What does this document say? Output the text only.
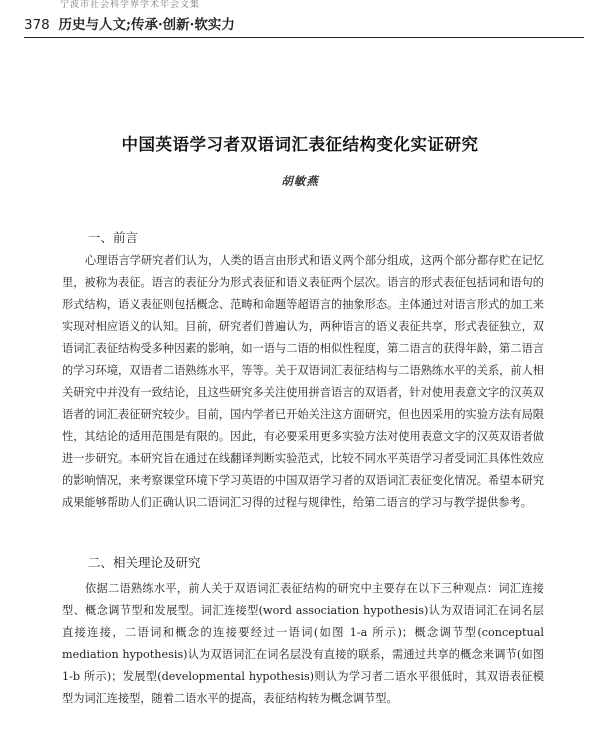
宁波市社会科学界学术年会文集
378 历史与人文;传承·创新·软实力
中国英语学习者双语词汇表征结构变化实证研究
胡敏燕
一、前言
心理语言学研究者们认为，人类的语言由形式和语义两个部分组成，这两个部分都存贮在记忆里，被称为表征。语言的表征分为形式表征和语义表征两个层次。语言的形式表征包括词和语句的形式结构，语义表征则包括概念、范畴和命题等超语言的抽象形态。主体通过对语言形式的加工来实现对相应语义的认知。目前，研究者们普遍认为，两种语言的语义表征共享，形式表征独立，双语词汇表征结构受多种因素的影响，如一语与二语的相似性程度，第二语言的获得年龄，第二语言的学习环境，双语者二语熟练水平，等等。关于双语词汇表征结构与二语熟练水平的关系，前人相关研究中并没有一致结论，且这些研究多关注使用拼音语言的双语者，针对使用表意文字的汉英双语者的词汇表征研究较少。目前，国内学者已开始关注这方面研究，但也因采用的实验方法有局限性，其结论的适用范围是有限的。因此，有必要采用更多实验方法对使用表意文字的汉英双语者做进一步研究。本研究旨在通过在线翻译判断实验范式，比较不同水平英语学习者受词汇具体性效应的影响情况，来考察课堂环境下学习英语的中国双语学习者的双语词汇表征变化情况。希望本研究成果能够帮助人们正确认识二语词汇习得的过程与规律性，给第二语言的学习与教学提供参考。
二、相关理论及研究
依据二语熟练水平，前人关于双语词汇表征结构的研究中主要存在以下三种观点：词汇连接型、概念调节型和发展型。词汇连接型(word association hypothesis)认为双语词汇在词名层直接连接，二语词和概念的连接要经过一语词(如图 1-a 所示)；概念调节型(conceptual mediation hypothesis)认为双语词汇在词名层没有直接的联系，需通过共享的概念来调节(如图 1-b 所示)；发展型(developmental hypothesis)则认为学习者二语水平很低时，其双语表征模型为词汇连接型，随着二语水平的提高，表征结构转为概念调节型。
